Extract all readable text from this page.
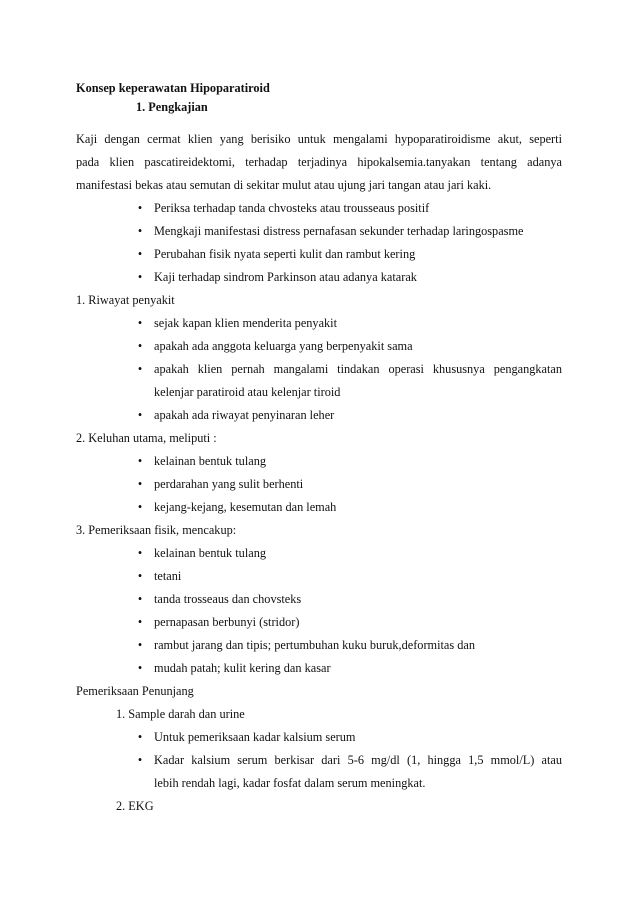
Konsep keperawatan Hipoparatiroid
1. Pengkajian
Kaji dengan cermat klien yang berisiko untuk mengalami hypoparatiroidisme akut, seperti
pada klien pascatireidektomi, terhadap terjadinya hipokalsemia.tanyakan tentang adanya
manifestasi bekas atau semutan di sekitar mulut atau ujung jari tangan atau jari kaki.
• Periksa terhadap tanda chvosteks atau trousseaus positif
• Mengkaji manifestasi distress pernafasan sekunder terhadap laringospasme
• Perubahan fisik nyata seperti kulit dan rambut kering
• Kaji terhadap sindrom Parkinson atau adanya katarak
1. Riwayat penyakit
• sejak kapan klien menderita penyakit
• apakah ada anggota keluarga yang berpenyakit sama
• apakah klien pernah mangalami tindakan operasi khususnya pengangkatan
kelenjar paratiroid atau kelenjar tiroid
• apakah ada riwayat penyinaran leher
2. Keluhan utama, meliputi :
• kelainan bentuk tulang
• perdarahan yang sulit berhenti
• kejang-kejang, kesemutan dan lemah
3. Pemeriksaan fisik, mencakup:
• kelainan bentuk tulang
• tetani
• tanda trosseaus dan chovsteks
• pernapasan berbunyi (stridor)
• rambut jarang dan tipis; pertumbuhan kuku buruk,deformitas dan
• mudah patah; kulit kering dan kasar
Pemeriksaan Penunjang
1. Sample darah dan urine
• Untuk pemeriksaan kadar kalsium serum
• Kadar kalsium serum berkisar dari 5-6 mg/dl (1, hingga 1,5 mmol/L) atau
lebih rendah lagi, kadar fosfat dalam serum meningkat.
2. EKG
